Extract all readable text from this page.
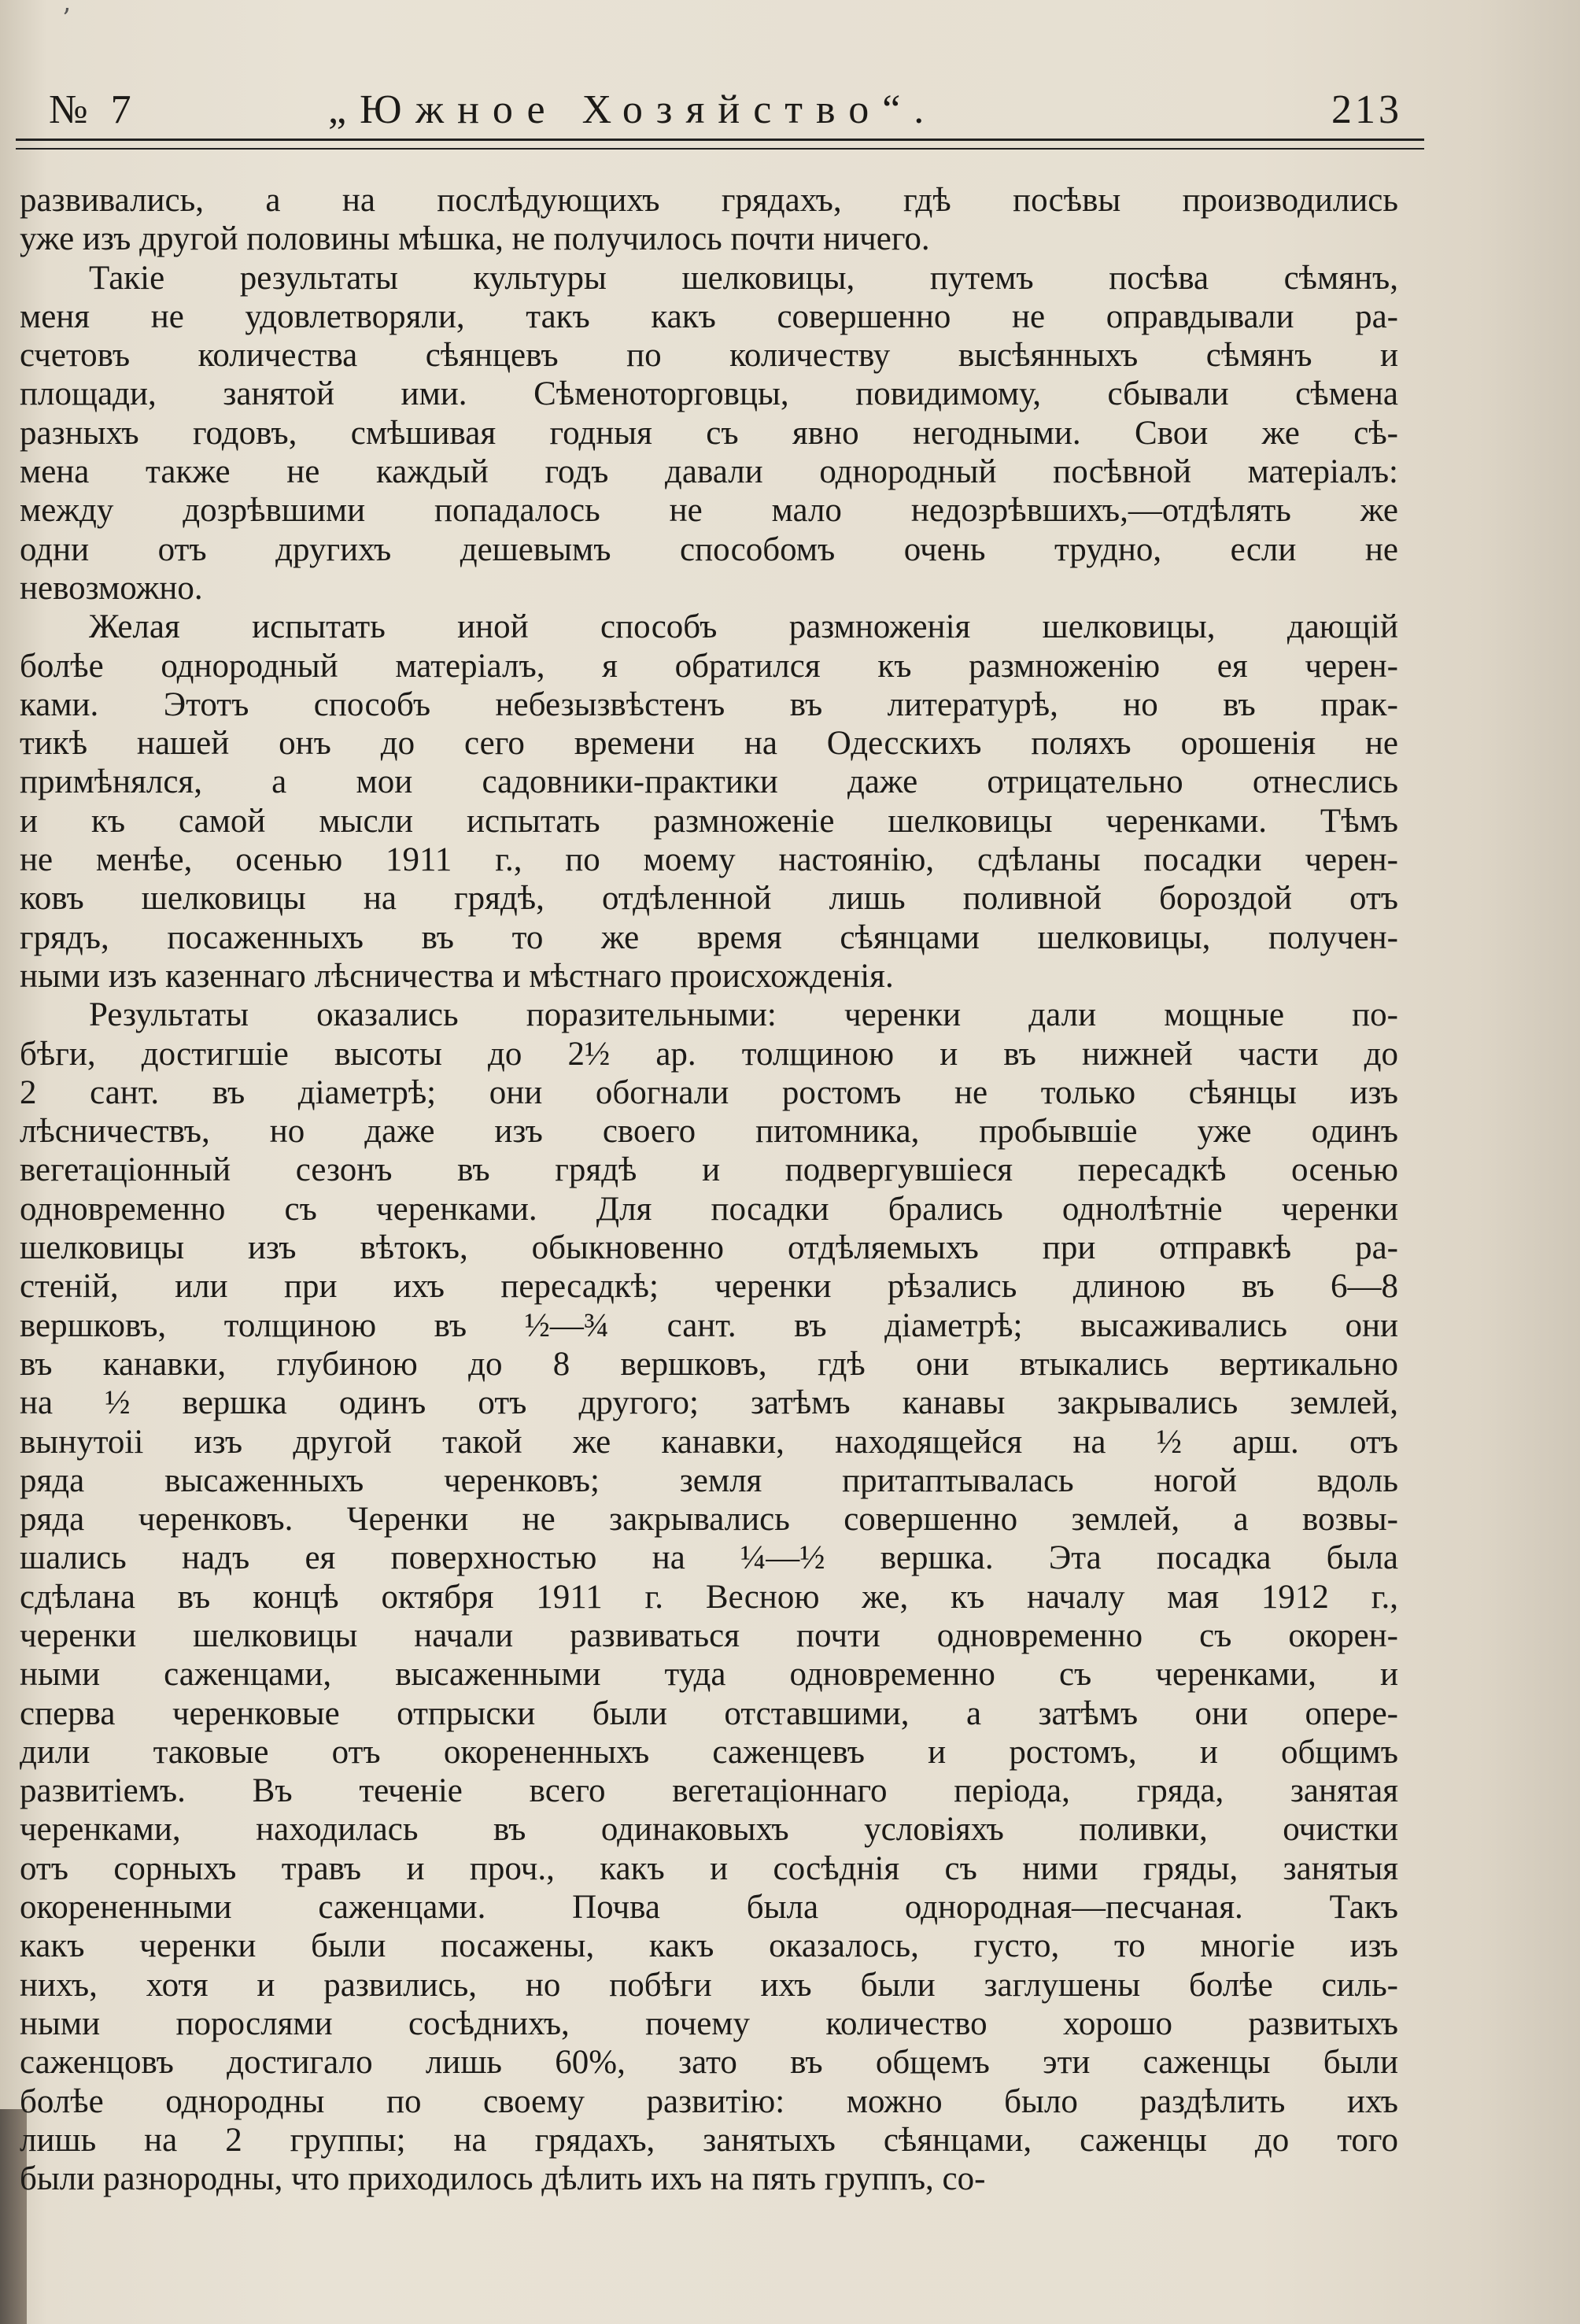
ʼ
№ 7	„Южное Хозяйство“.	213
развивались, а на послѣдующихъ грядахъ, гдѣ посѣвы производились
уже изъ другой половины мѣшка, не получилось почти ничего.
Такіе результаты культуры шелковицы, путемъ посѣва сѣмянъ,
меня не удовлетворяли, такъ какъ совершенно не оправдывали ра-
счетовъ количества сѣянцевъ по количеству высѣянныхъ сѣмянъ и
площади, занятой ими. Сѣменоторговцы, повидимому, сбывали сѣмена
разныхъ годовъ, смѣшивая годныя съ явно негодными. Свои же сѣ-
мена также не каждый годъ давали однородный посѣвной матеріалъ:
между дозрѣвшими попадалось не мало недозрѣвшихъ,—отдѣлять же
одни отъ другихъ дешевымъ способомъ очень трудно, если не
невозможно.
Желая испытать иной способъ размноженія шелковицы, дающій
болѣе однородный матеріалъ, я обратился къ размноженію ея черен-
ками. Этотъ способъ небезызвѣстенъ въ литературѣ, но въ прак-
тикѣ нашей онъ до сего времени на Одесскихъ поляхъ орошенія не
примѣнялся, а мои садовники-практики даже отрицательно отнеслись
и къ самой мысли испытать размноженіе шелковицы черенками. Тѣмъ
не менѣе, осенью 1911 г., по моему настоянію, сдѣланы посадки черен-
ковъ шелковицы на грядѣ, отдѣленной лишь поливной бороздой отъ
грядъ, посаженныхъ въ то же время сѣянцами шелковицы, получен-
ными изъ казеннаго лѣсничества и мѣстнаго происхожденія.
Результаты оказались поразительными: черенки дали мощные по-
бѣги, достигшіе высоты до 2½ ар. толщиною и въ нижней части до
2 сант. въ діаметрѣ; они обогнали ростомъ не только сѣянцы изъ
лѣсничествъ, но даже изъ своего питомника, пробывшіе уже одинъ
вегетаціонный сезонъ въ грядѣ и подвергувшіеся пересадкѣ осенью
одновременно съ черенками. Для посадки брались однолѣтніе черенки
шелковицы изъ вѣтокъ, обыкновенно отдѣляемыхъ при отправкѣ ра-
стеній, или при ихъ пересадкѣ; черенки рѣзались длиною въ 6—8
вершковъ, толщиною въ ½—¾ сант. въ діаметрѣ; высаживались они
въ канавки, глубиною до 8 вершковъ, гдѣ они втыкались вертикально
на ½ вершка одинъ отъ другого; затѣмъ канавы закрывались землей,
вынутоіі изъ другой такой же канавки, находящейся на ½ арш. отъ
ряда высаженныхъ черенковъ; земля притаптывалась ногой вдоль
ряда черенковъ. Черенки не закрывались совершенно землей, а возвы-
шались надъ ея поверхностью на ¼—½ вершка. Эта посадка была
сдѣлана въ концѣ октября 1911 г. Весною же, къ началу мая 1912 г.,
черенки шелковицы начали развиваться почти одновременно съ окорен-
ными саженцами, высаженными туда одновременно съ черенками, и
сперва черенковые отпрыски были отставшими, а затѣмъ они опере-
дили таковые отъ окорененныхъ саженцевъ и ростомъ, и общимъ
развитіемъ. Въ теченіе всего вегетаціоннаго періода, гряда, занятая
черенками, находилась въ одинаковыхъ условіяхъ поливки, очистки
отъ сорныхъ травъ и проч., какъ и сосѣднія съ ними гряды, занятыя
окорененными саженцами. Почва была однородная—песчаная. Такъ
какъ черенки были посажены, какъ оказалось, густо, то многіе изъ
нихъ, хотя и развились, но побѣги ихъ были заглушены болѣе силь-
ными порослями сосѣднихъ, почему количество хорошо развитыхъ
саженцовъ достигало лишь 60%, зато въ общемъ эти саженцы были
болѣе однородны по своему развитію: можно было раздѣлить ихъ
лишь на 2 группы; на грядахъ, занятыхъ сѣянцами, саженцы до того
были разнородны, что приходилось дѣлить ихъ на пять группъ, со-
